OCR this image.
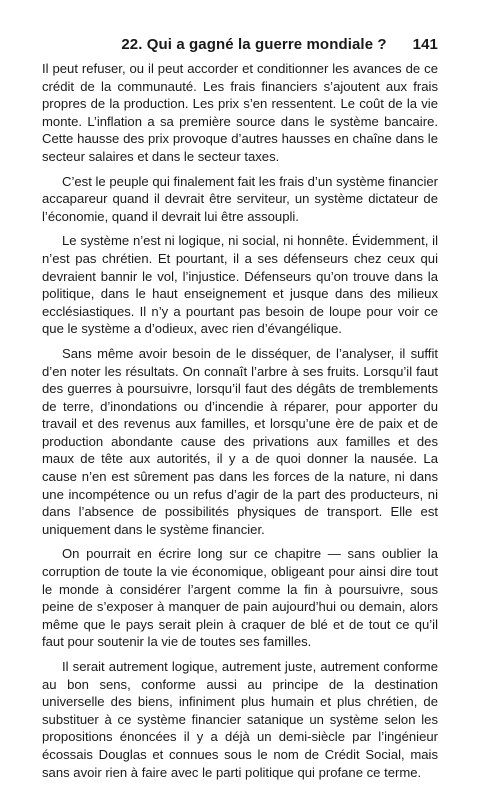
22. Qui a gagné la guerre mondiale ? 141

Il peut refuser, ou il peut accorder et conditionner les avances de ce crédit de la communauté. Les frais financiers s’ajoutent aux frais propres de la production. Les prix s’en ressentent. Le coût de la vie monte. L’inflation a sa première source dans le système bancaire. Cette hausse des prix provoque d’autres hausses en chaîne dans le secteur salaires et dans le secteur taxes.

C’est le peuple qui finalement fait les frais d’un système financier accapareur quand il devrait être serviteur, un système dictateur de l’économie, quand il devrait lui être assoupli.

Le système n’est ni logique, ni social, ni honnête. Évidemment, il n’est pas chrétien. Et pourtant, il a ses défenseurs chez ceux qui devraient bannir le vol, l’injustice. Défenseurs qu’on trouve dans la politique, dans le haut enseignement et jusque dans des milieux ecclésiastiques. Il n’y a pourtant pas besoin de loupe pour voir ce que le système a d’odieux, avec rien d’évangélique.

Sans même avoir besoin de le disséquer, de l’analyser, il suffit d’en noter les résultats. On connaît l’arbre à ses fruits. Lorsqu’il faut des guerres à poursuivre, lorsqu’il faut des dégâts de tremblements de terre, d’inondations ou d’incendie à réparer, pour apporter du travail et des revenus aux familles, et lorsqu’une ère de paix et de production abondante cause des privations aux familles et des maux de tête aux autorités, il y a de quoi donner la nausée. La cause n’en est sûrement pas dans les forces de la nature, ni dans une incompétence ou un refus d’agir de la part des producteurs, ni dans l’absence de possibilités physiques de transport. Elle est uniquement dans le système financier.

On pourrait en écrire long sur ce chapitre — sans oublier la corruption de toute la vie économique, obligeant pour ainsi dire tout le monde à considérer l’argent comme la fin à poursuivre, sous peine de s’exposer à manquer de pain aujourd’hui ou demain, alors même que le pays serait plein à craquer de blé et de tout ce qu’il faut pour soutenir la vie de toutes ses familles.

Il serait autrement logique, autrement juste, autrement conforme au bon sens, conforme aussi au principe de la destination universelle des biens, infiniment plus humain et plus chrétien, de substituer à ce système financier satanique un système selon les propositions énoncées il y a déjà un demi-siècle par l’ingénieur écossais Douglas et connues sous le nom de Crédit Social, mais sans avoir rien à faire avec le parti politique qui profane ce terme.
